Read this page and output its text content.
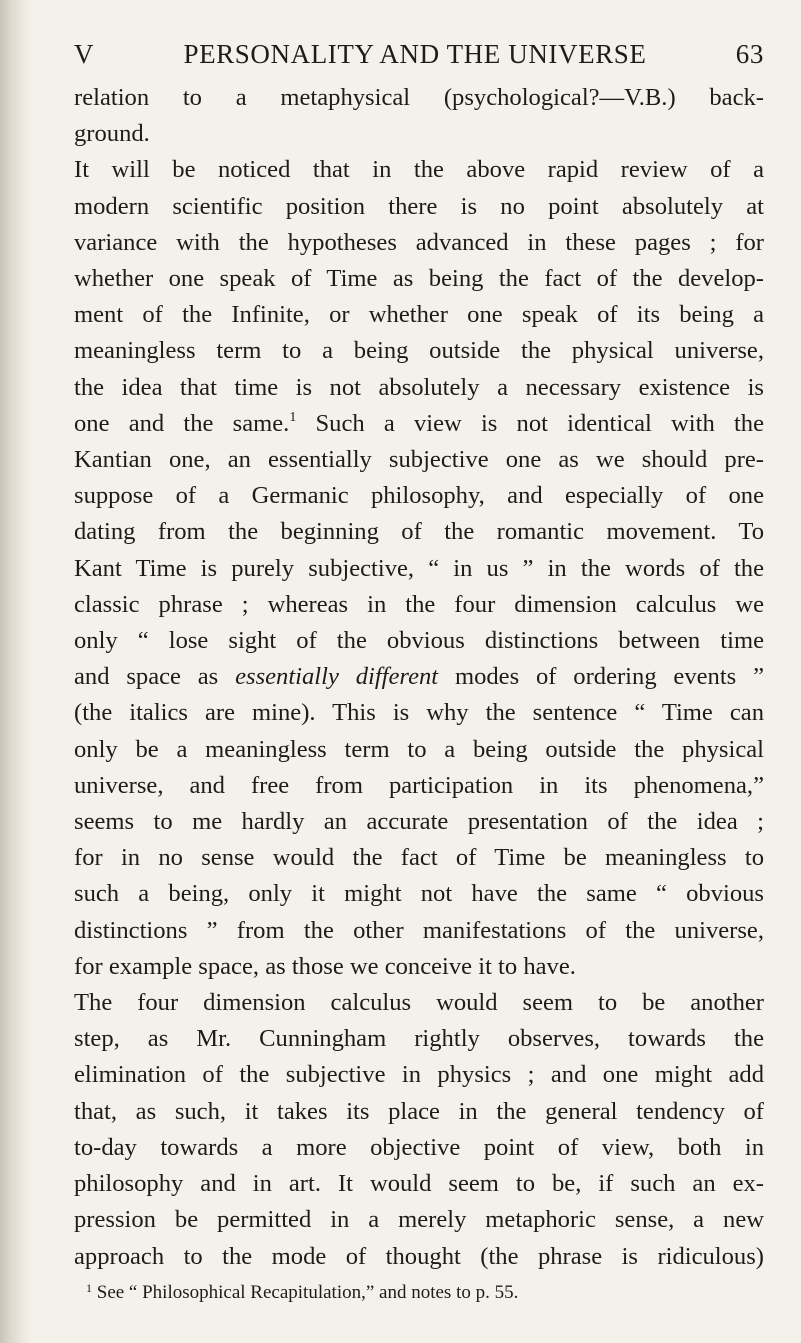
V	PERSONALITY AND THE UNIVERSE	63
relation to a metaphysical (psychological?—V.B.) back-
ground.
It will be noticed that in the above rapid review of a
modern scientific position there is no point absolutely at
variance with the hypotheses advanced in these pages ; for
whether one speak of Time as being the fact of the develop-
ment of the Infinite, or whether one speak of its being a
meaningless term to a being outside the physical universe,
the idea that time is not absolutely a necessary existence is
one and the same.$^1$ Such a view is not identical with the
Kantian one, an essentially subjective one as we should pre-
suppose of a Germanic philosophy, and especially of one
dating from the beginning of the romantic movement. To
Kant Time is purely subjective, “ in us ” in the words of the
classic phrase ; whereas in the four dimension calculus we
only “ lose sight of the obvious distinctions between time
and space as essentially different modes of ordering events ”
(the italics are mine). This is why the sentence “ Time can
only be a meaningless term to a being outside the physical
universe, and free from participation in its phenomena,”
seems to me hardly an accurate presentation of the idea ;
for in no sense would the fact of Time be meaningless to
such a being, only it might not have the same “ obvious
distinctions ” from the other manifestations of the universe,
for example space, as those we conceive it to have.
The four dimension calculus would seem to be another
step, as Mr. Cunningham rightly observes, towards the
elimination of the subjective in physics ; and one might add
that, as such, it takes its place in the general tendency of
to-day towards a more objective point of view, both in
philosophy and in art. It would seem to be, if such an ex-
pression be permitted in a merely metaphoric sense, a new
approach to the mode of thought (the phrase is ridiculous)
$^1$ See “ Philosophical Recapitulation,” and notes to p. 55.
